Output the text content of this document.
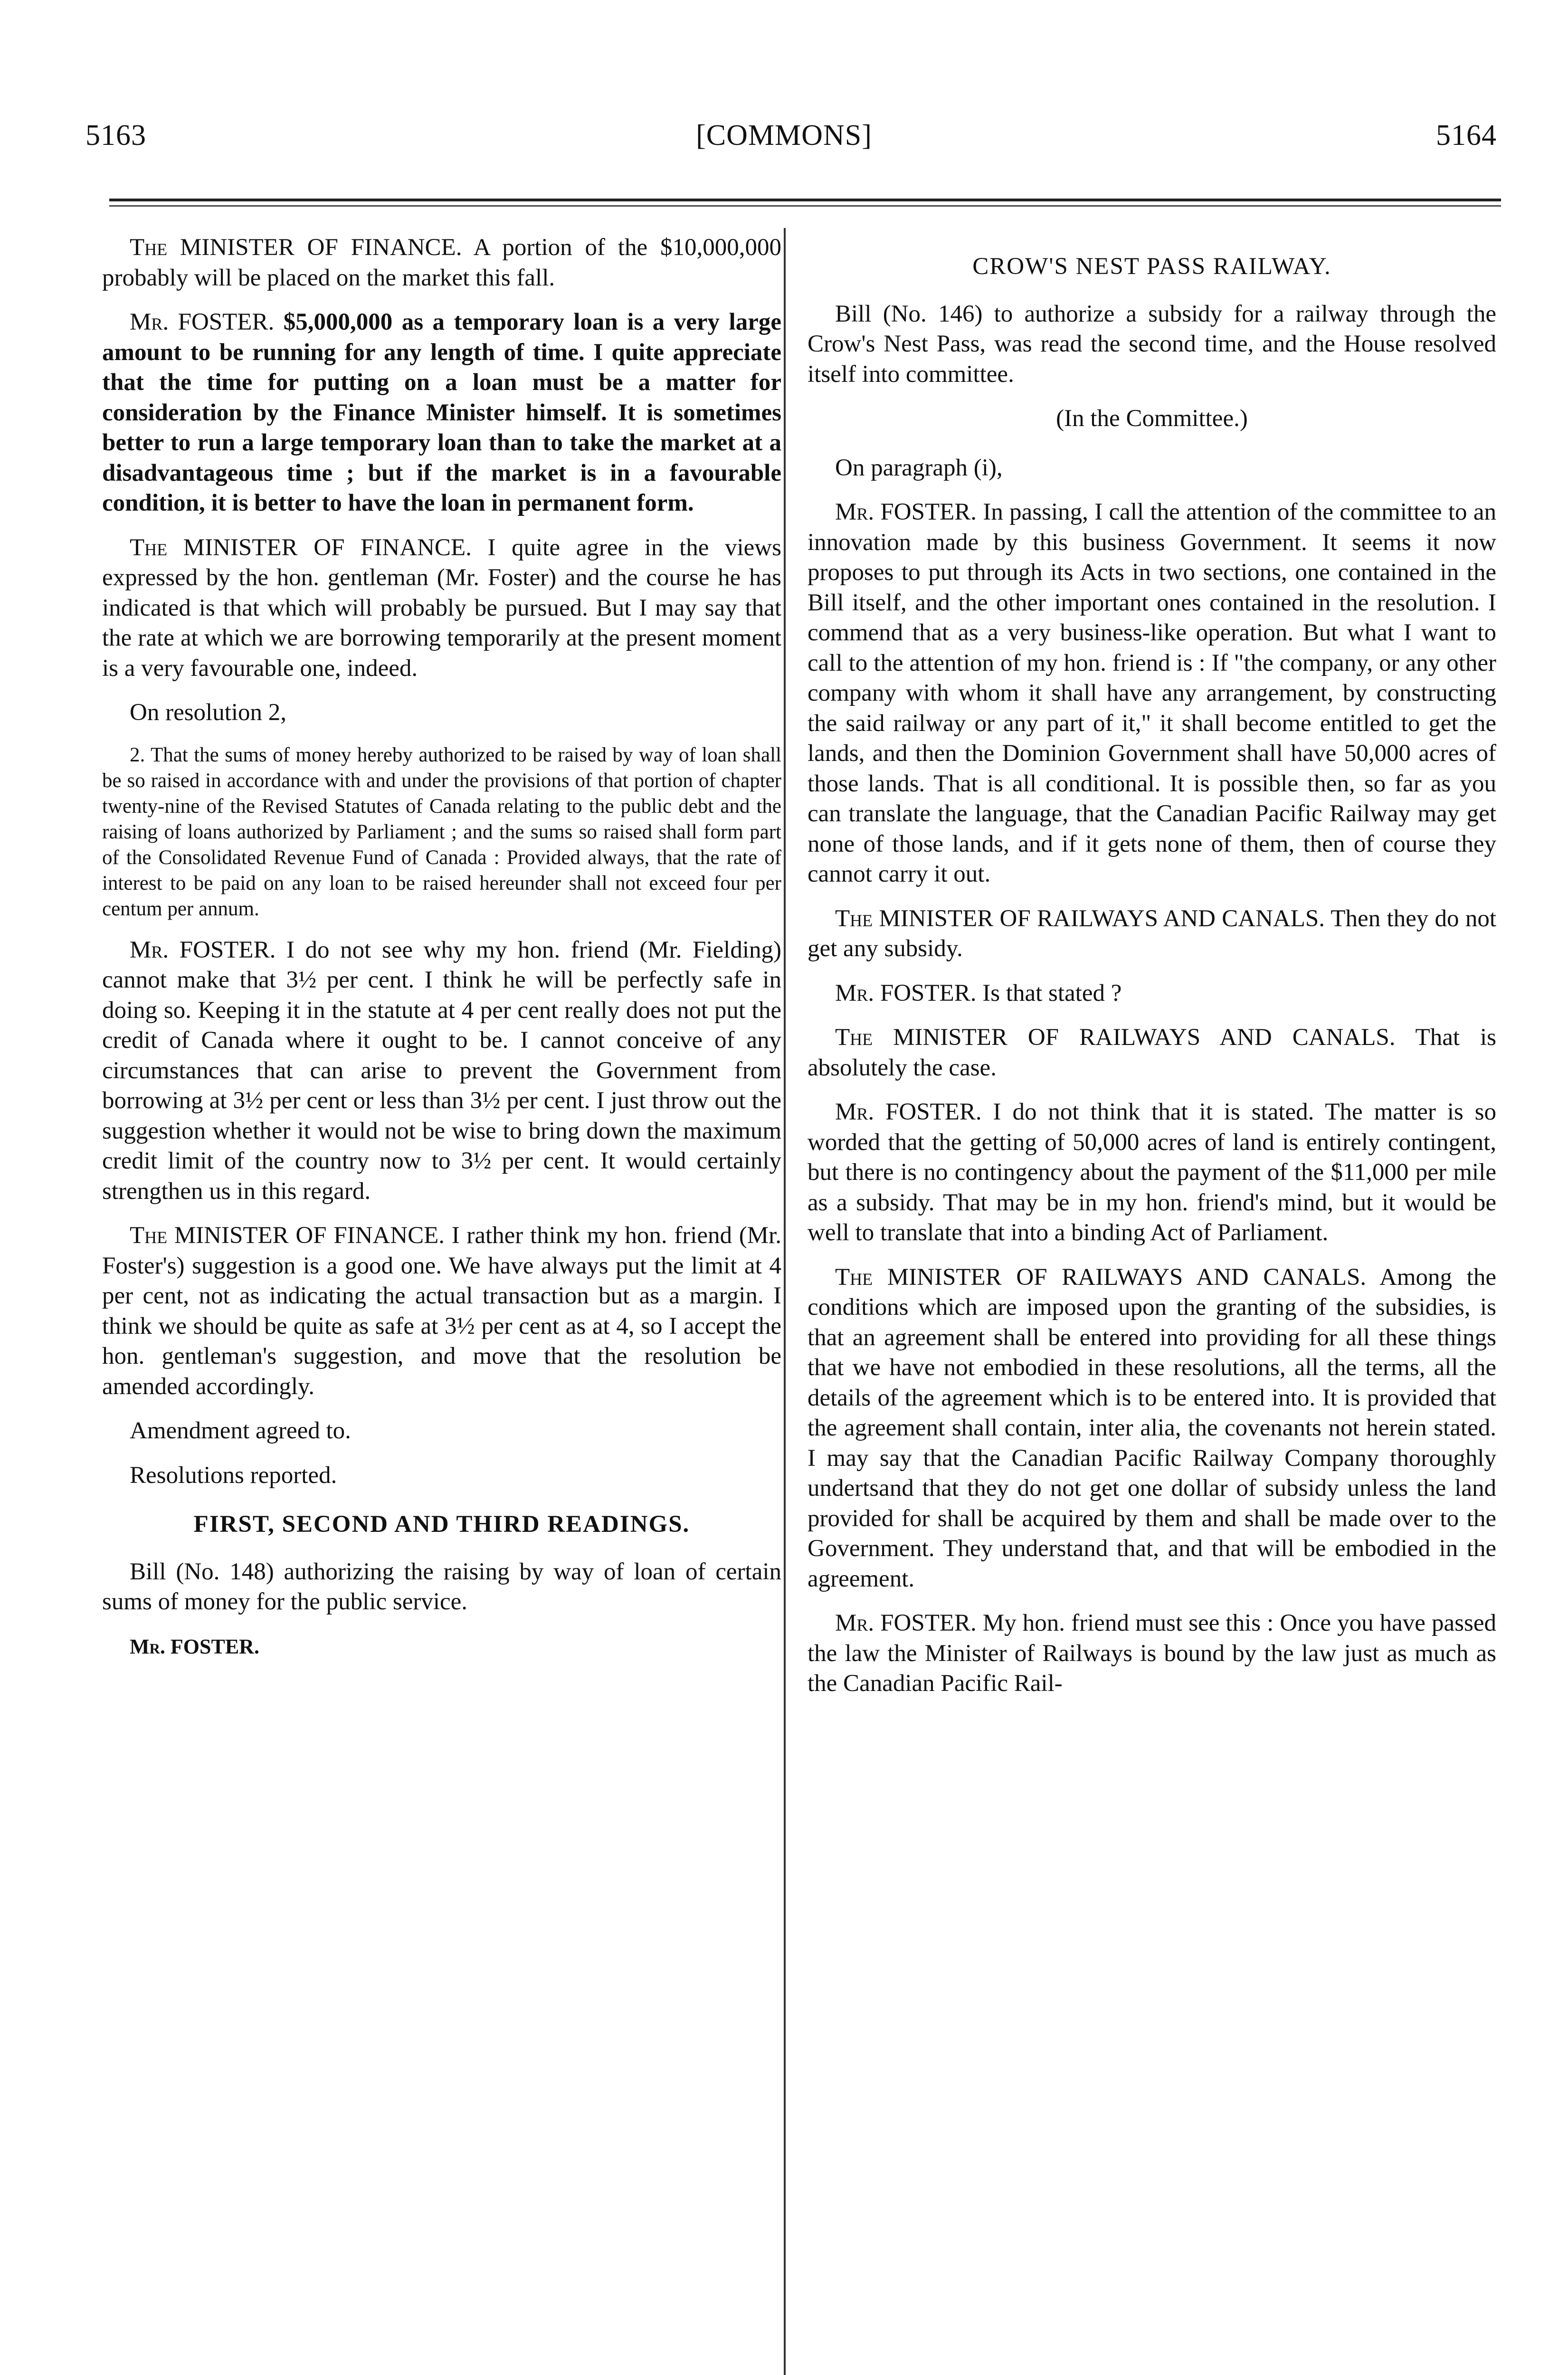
5163	[COMMONS]	5164

The MINISTER OF FINANCE. A portion of the $10,000,000 probably will be placed on the market this fall.

Mr. FOSTER. $5,000,000 as a temporary loan is a very large amount to be running for any length of time. I quite appreciate that the time for putting on a loan must be a matter for consideration by the Finance Minister himself. It is sometimes better to run a large temporary loan than to take the market at a disadvantageous time ; but if the market is in a favourable condition, it is better to have the loan in permanent form.

The MINISTER OF FINANCE. I quite agree in the views expressed by the hon. gentleman (Mr. Foster) and the course he has indicated is that which will probably be pursued. But I may say that the rate at which we are borrowing temporarily at the present moment is a very favourable one, indeed.

On resolution 2,

2. That the sums of money hereby authorized to be raised by way of loan shall be so raised in accordance with and under the provisions of that portion of chapter twenty-nine of the Revised Statutes of Canada relating to the public debt and the raising of loans authorized by Parliament ; and the sums so raised shall form part of the Consolidated Revenue Fund of Canada : Provided always, that the rate of interest to be paid on any loan to be raised hereunder shall not exceed four per centum per annum.

Mr. FOSTER. I do not see why my hon. friend (Mr. Fielding) cannot make that 3½ per cent. I think he will be perfectly safe in doing so. Keeping it in the statute at 4 per cent really does not put the credit of Canada where it ought to be. I cannot conceive of any circumstances that can arise to prevent the Government from borrowing at 3½ per cent or less than 3½ per cent. I just throw out the suggestion whether it would not be wise to bring down the maximum credit limit of the country now to 3½ per cent. It would certainly strengthen us in this regard.

The MINISTER OF FINANCE. I rather think my hon. friend (Mr. Foster's) suggestion is a good one. We have always put the limit at 4 per cent, not as indicating the actual transaction but as a margin. I think we should be quite as safe at 3½ per cent as at 4, so I accept the hon. gentleman's suggestion, and move that the resolution be amended accordingly.

Amendment agreed to.

Resolutions reported.

FIRST, SECOND AND THIRD READINGS.

Bill (No. 148) authorizing the raising by way of loan of certain sums of money for the public service.

Mr. FOSTER.

CROW'S NEST PASS RAILWAY.

Bill (No. 146) to authorize a subsidy for a railway through the Crow's Nest Pass, was read the second time, and the House resolved itself into committee.

(In the Committee.)

On paragraph (i),

Mr. FOSTER. In passing, I call the attention of the committee to an innovation made by this business Government. It seems it now proposes to put through its Acts in two sections, one contained in the Bill itself, and the other important ones contained in the resolution. I commend that as a very business-like operation. But what I want to call to the attention of my hon. friend is : If "the company, or any other company with whom it shall have any arrangement, by constructing the said railway or any part of it," it shall become entitled to get the lands, and then the Dominion Government shall have 50,000 acres of those lands. That is all conditional. It is possible then, so far as you can translate the language, that the Canadian Pacific Railway may get none of those lands, and if it gets none of them, then of course they cannot carry it out.

The MINISTER OF RAILWAYS AND CANALS. Then they do not get any subsidy.

Mr. FOSTER. Is that stated ?

The MINISTER OF RAILWAYS AND CANALS. That is absolutely the case.

Mr. FOSTER. I do not think that it is stated. The matter is so worded that the getting of 50,000 acres of land is entirely contingent, but there is no contingency about the payment of the $11,000 per mile as a subsidy. That may be in my hon. friend's mind, but it would be well to translate that into a binding Act of Parliament.

The MINISTER OF RAILWAYS AND CANALS. Among the conditions which are imposed upon the granting of the subsidies, is that an agreement shall be entered into providing for all these things that we have not embodied in these resolutions, all the terms, all the details of the agreement which is to be entered into. It is provided that the agreement shall contain, inter alia, the covenants not herein stated. I may say that the Canadian Pacific Railway Company thoroughly undertsand that they do not get one dollar of subsidy unless the land provided for shall be acquired by them and shall be made over to the Government. They understand that, and that will be embodied in the agreement.

Mr. FOSTER. My hon. friend must see this : Once you have passed the law the Minister of Railways is bound by the law just as much as the Canadian Pacific Rail-
